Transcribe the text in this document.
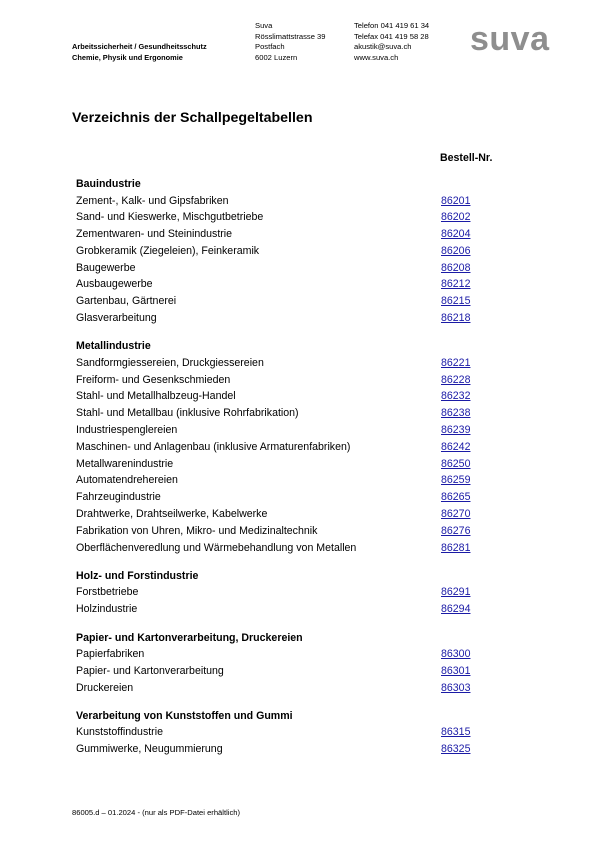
Arbeitssicherheit / Gesundheitsschutz
Chemie, Physik und Ergonomie
Suva
Rösslimattstrasse 39
Postfach
6002 Luzern
Telefon 041 419 61 34
Telefax 041 419 58 28
akustik@suva.ch
www.suva.ch	suva
Verzeichnis der Schallpegeltabellen
Bestell-Nr.
Bauindustrie
Zement-, Kalk- und Gipsfabriken	86201
Sand- und Kieswerke, Mischgutbetriebe	86202
Zementwaren- und Steinindustrie	86204
Grobkeramik (Ziegeleien), Feinkeramik	86206
Baugewerbe	86208
Ausbaugewerbe	86212
Gartenbau, Gärtnerei	86215
Glasverarbeitung	86218
Metallindustrie
Sandformgiessereien, Druckgiessereien	86221
Freiform- und Gesenkschmieden	86228
Stahl- und Metallhalbzeug-Handel	86232
Stahl- und Metallbau (inklusive Rohrfabrikation)	86238
Industriespenglereien	86239
Maschinen- und Anlagenbau (inklusive Armaturenfabriken)	86242
Metallwarenindustrie	86250
Automatendrehereien	86259
Fahrzeugindustrie	86265
Drahtwerke, Drahtseilwerke, Kabelwerke	86270
Fabrikation von Uhren, Mikro- und Medizinaltechnik	86276
Oberflächenveredlung und Wärmebehandlung von Metallen	86281
Holz- und Forstindustrie
Forstbetriebe	86291
Holzindustrie	86294
Papier- und Kartonverarbeitung, Druckereien
Papierfabriken	86300
Papier- und Kartonverarbeitung	86301
Druckereien	86303
Verarbeitung von Kunststoffen und Gummi
Kunststoffindustrie	86315
Gummiwerke, Neugummierung	86325
86005.d – 01.2024 - (nur als PDF-Datei erhältlich)
